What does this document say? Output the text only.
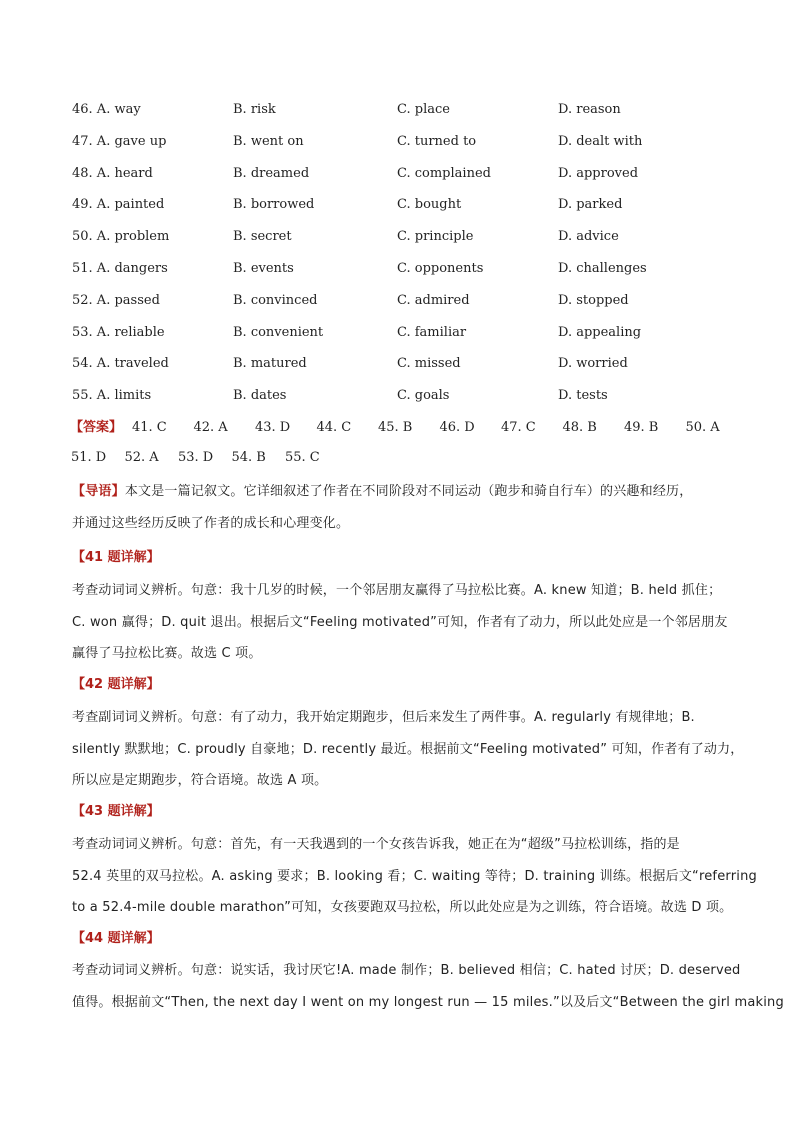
46. A. way	B. risk	C. place	D. reason
47. A. gave up	B. went on	C. turned to	D. dealt with
48. A. heard	B. dreamed	C. complained	D. approved
49. A. painted	B. borrowed	C. bought	D. parked
50. A. problem	B. secret	C. principle	D. advice
51. A. dangers	B. events	C. opponents	D. challenges
52. A. passed	B. convinced	C. admired	D. stopped
53. A. reliable	B. convenient	C. familiar	D. appealing
54. A. traveled	B. matured	C. missed	D. worried
55. A. limits	B. dates	C. goals	D. tests
【答案】 41. C 42. A 43. D 44. C 45. B 46. D 47. C 48. B 49. B 50. A
51. D 52. A 53. D 54. B 55. C
【导语】本文是一篇记叙文。它详细叙述了作者在不同阶段对不同运动（跑步和骑自行车）的兴趣和经历，
并通过这些经历反映了作者的成长和心理变化。
【41 题详解】
考查动词词义辨析。句意：我十几岁的时候，一个邻居朋友赢得了马拉松比赛。A. knew 知道；B. held 抓住；
C. won 赢得；D. quit 退出。根据后文“Feeling motivated”可知，作者有了动力，所以此处应是一个邻居朋友
赢得了马拉松比赛。故选 C 项。
【42 题详解】
考查副词词义辨析。句意：有了动力，我开始定期跑步，但后来发生了两件事。A. regularly 有规律地；B.
silently 默默地；C. proudly 自豪地；D. recently 最近。根据前文“Feeling motivated” 可知，作者有了动力，
所以应是定期跑步，符合语境。故选 A 项。
【43 题详解】
考查动词词义辨析。句意：首先，有一天我遇到的一个女孩告诉我，她正在为“超级”马拉松训练，指的是
52.4 英里的双马拉松。A. asking 要求；B. looking 看；C. waiting 等待；D. training 训练。根据后文“referring
to a 52.4-mile double marathon”可知，女孩要跑双马拉松，所以此处应是为之训练，符合语境。故选 D 项。
【44 题详解】
考查动词词义辨析。句意：说实话，我讨厌它!A. made 制作；B. believed 相信；C. hated 讨厌；D. deserved
值得。根据前文“Then, the next day I went on my longest run — 15 miles.”以及后文“Between the girl making
